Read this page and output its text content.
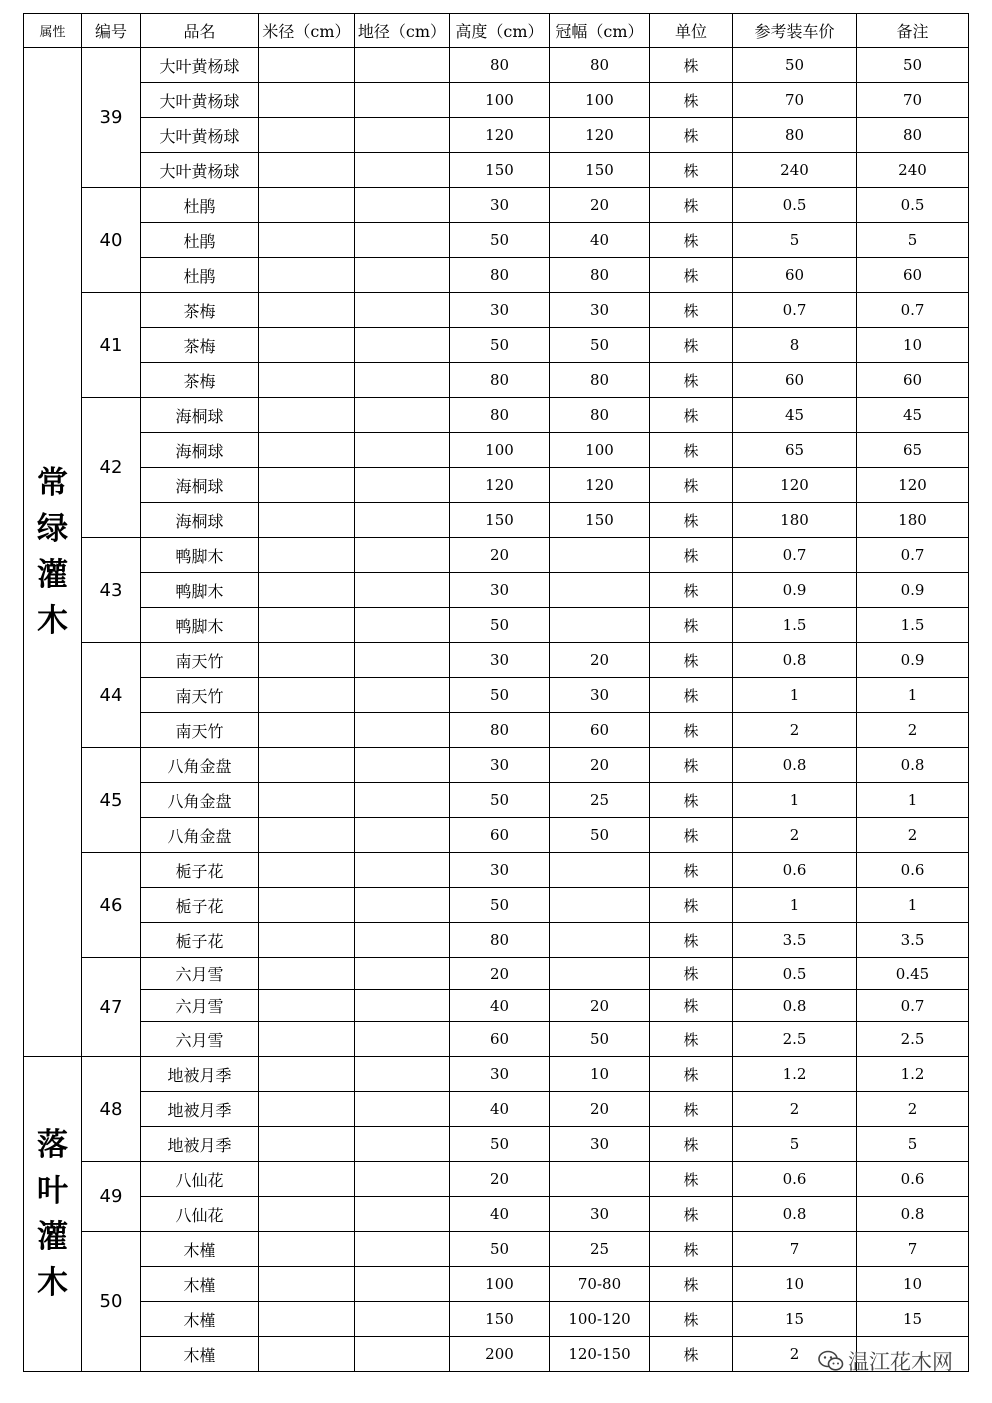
属性	编号	品名	米径（cm）	地径（cm）	高度（cm）	冠幅（cm）	单位	参考装车价	备注

常
绿
灌
木	39	大叶黄杨球			80	80	株	50	50
		大叶黄杨球			100	100	株	70	70
		大叶黄杨球			120	120	株	80	80
		大叶黄杨球			150	150	株	240	240
	40	杜鹃			30	20	株	0.5	0.5
		杜鹃			50	40	株	5	5
		杜鹃			80	80	株	60	60
	41	茶梅			30	30	株	0.7	0.7
		茶梅			50	50	株	8	10
		茶梅			80	80	株	60	60
	42	海桐球			80	80	株	45	45
		海桐球			100	100	株	65	65
		海桐球			120	120	株	120	120
		海桐球			150	150	株	180	180
	43	鸭脚木			20		株	0.7	0.7
		鸭脚木			30		株	0.9	0.9
		鸭脚木			50		株	1.5	1.5
	44	南天竹			30	20	株	0.8	0.9
		南天竹			50	30	株	1	1
		南天竹			80	60	株	2	2
	45	八角金盘			30	20	株	0.8	0.8
		八角金盘			50	25	株	1	1
		八角金盘			60	50	株	2	2
	46	栀子花			30		株	0.6	0.6
		栀子花			50		株	1	1
		栀子花			80		株	3.5	3.5
	47	六月雪			20		株	0.5	0.45
		六月雪			40	20	株	0.8	0.7
		六月雪			60	50	株	2.5	2.5

落
叶
灌
木	48	地被月季			30	10	株	1.2	1.2
		地被月季			40	20	株	2	2
		地被月季			50	30	株	5	5
	49	八仙花			20		株	0.6	0.6
		八仙花			40	30	株	0.8	0.8
	50	木槿			50	25	株	7	7
		木槿			100	70-80	株	10	10
		木槿			150	100-120	株	15	15
		木槿			200	120-150	株	2	温江花木网
